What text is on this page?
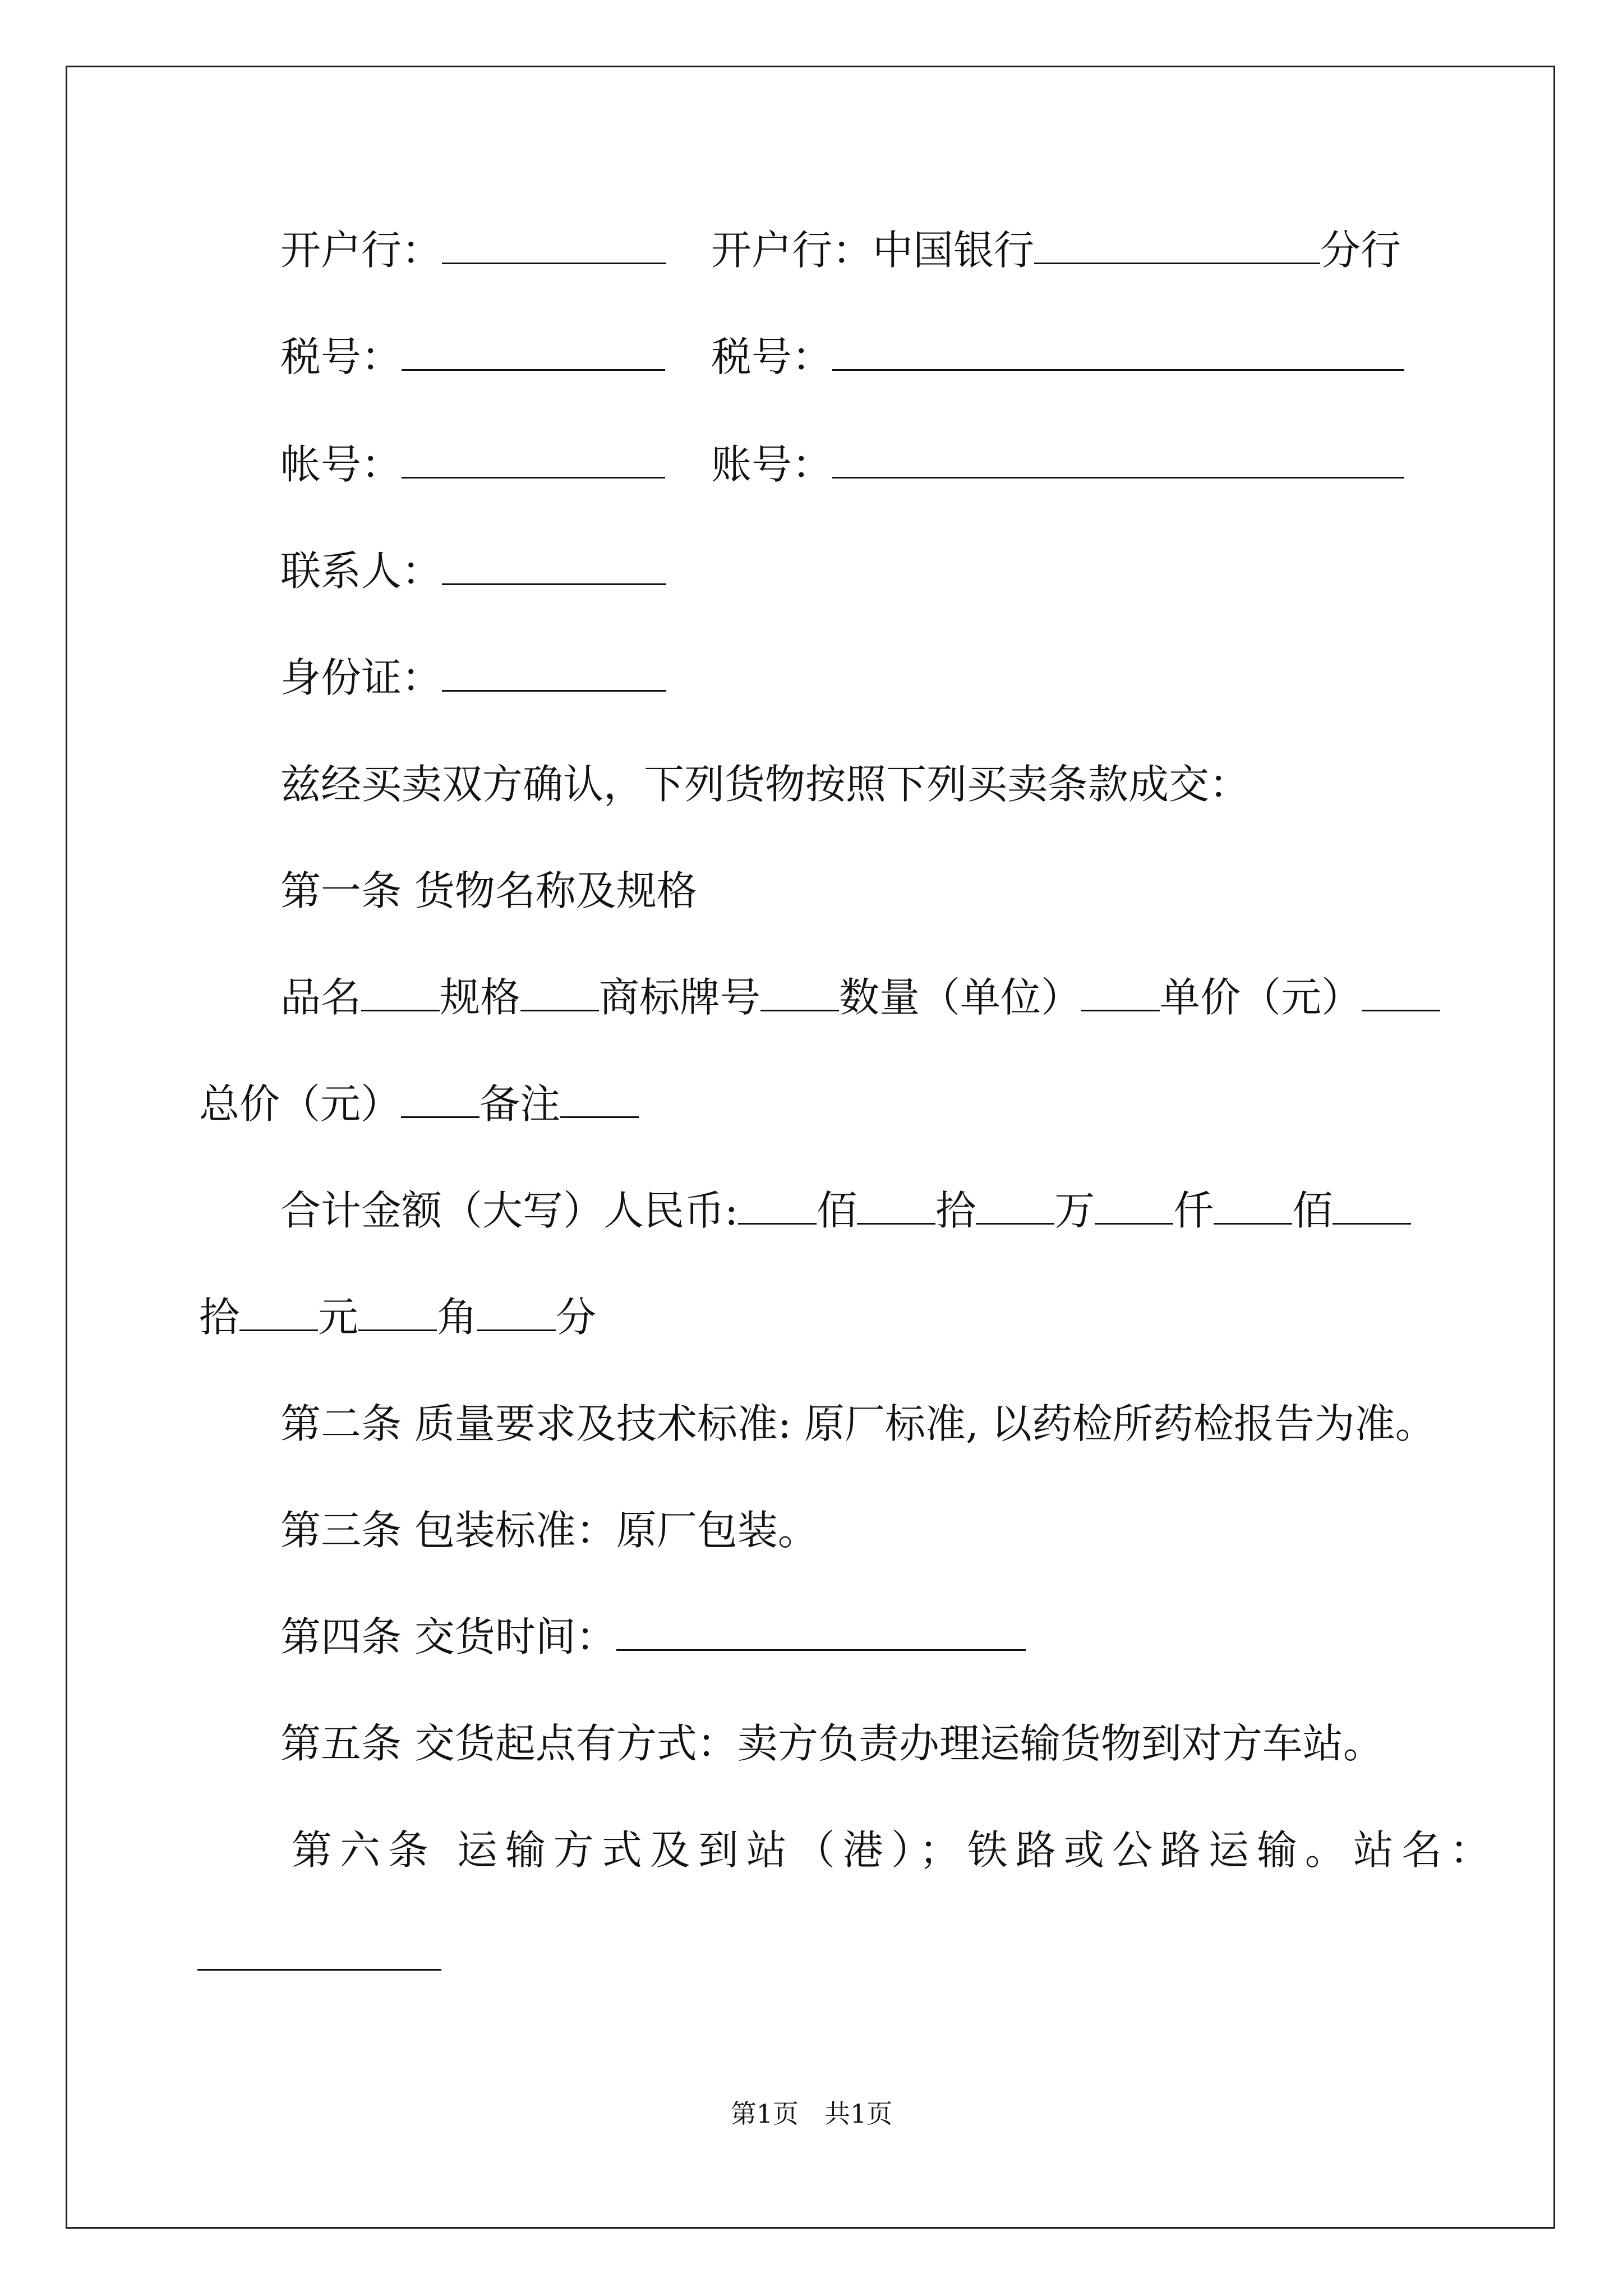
开户行：	开户行：中国银行	分行
税号：	税号：
帐号：	账号：
联系人：
身份证：
兹经买卖双方确认，下列货物按照下列买卖条款成交：
第一条 货物名称及规格
品名 规格 商标牌号 数量（单位） 单价（元）
总价（元） 备注
合计金额（大写）人民币: 佰 拾 万 仟 佰
拾 元 角 分
第二条 质量要求及技术标准: 原厂标准, 以药检所药检报告为准。
第三条 包装标准：原厂包装。
第四条 交货时间：
第五条 交货起点有方式：卖方负责办理运输货物到对方车站。
第六条 运输方式及到站（港）；铁路或公路运输。站名：
第1页　共1页
